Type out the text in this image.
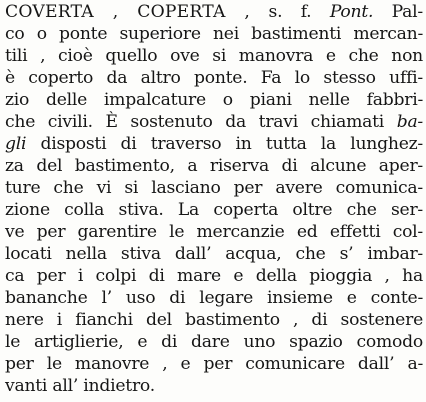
COVERTA , COPERTA , s. f. Pont. Pal-
co o ponte superiore nei bastimenti mercan-
tili , cioè quello ove si manovra e che non
è coperto da altro ponte. Fa lo stesso uffi-
zio delle impalcature o piani nelle fabbri-
che civili. È sostenuto da travi chiamati ba-
gli disposti di traverso in tutta la lunghez-
za del bastimento, a riserva di alcune aper-
ture che vi si lasciano per avere comunica-
zione colla stiva. La coperta oltre che ser-
ve per garentire le mercanzie ed effetti col-
locati nella stiva dall’ acqua, che s’ imbar-
ca per i colpi di mare e della pioggia , ha
bananche l’ uso di legare insieme e conte-
nere i fianchi del bastimento , di sostenere
le artiglierie, e di dare uno spazio comodo
per le manovre , e per comunicare dall’ a-
vanti all’ indietro.
